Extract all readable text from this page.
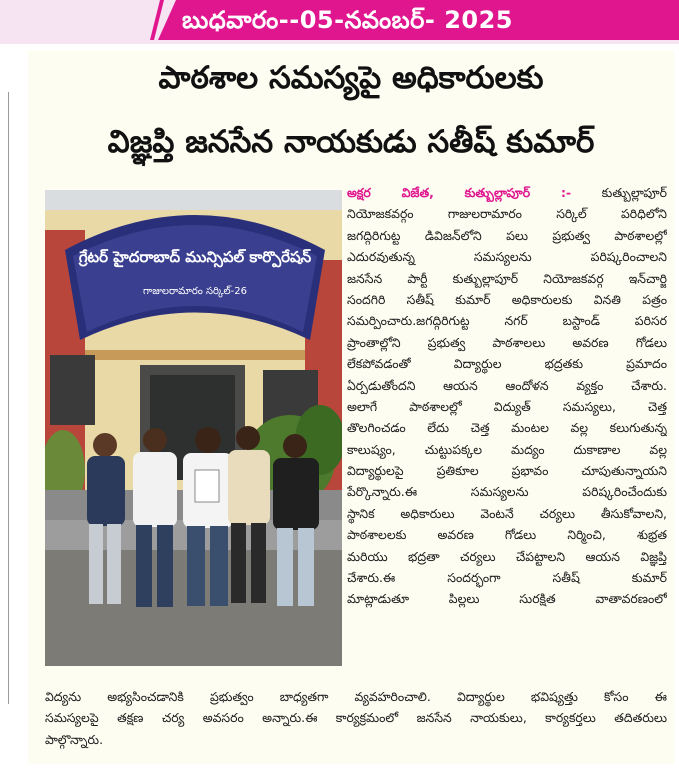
బుధవారం--05-నవంబర్- 2025
పాఠశాల సమస్యపై అధికారులకు
విజ్ఞప్తి జనసేన నాయకుడు సతీష్ కుమార్
గ్రేటర్ హైదరాబాద్ మున్సిపల్ కార్పొరేషన్
గాజులరామారం సర్కిల్-26
అక్షర విజేత, కుత్బుల్లాపూర్ :- కుత్బుల్లాపూర్
నియోజకవర్గం గాజులరామారం సర్కిల్ పరిధిలోని
జగద్గిరిగుట్ట డివిజన్‌లోని పలు ప్రభుత్వ పాఠశాలల్లో
ఎదురవుతున్న సమస్యలను పరిష్కరించాలని
జనసేన పార్టీ కుత్బుల్లాపూర్ నియోజకవర్గ ఇన్‌చార్జి
సందగిరి సతీష్ కుమార్ అధికారులకు వినతి పత్రం
సమర్పించారు.జగద్గిరిగుట్ట నగర్ బస్టాండ్ పరిసర
ప్రాంతాల్లోని ప్రభుత్వ పాఠశాలలు అవరణ గోడలు
లేకపోవడంతో విద్యార్థుల భద్రతకు ప్రమాదం
ఏర్పడుతోందని ఆయన ఆందోళన వ్యక్తం చేశారు.
అలాగే పాఠశాలల్లో విద్యుత్ సమస్యలు, చెత్త
తొలగించడం లేదు చెత్త మంటల వల్ల కలుగుతున్న
కాలుష్యం, చుట్టుపక్కల మద్యం దుకాణాల వల్ల
విద్యార్థులపై ప్రతికూల ప్రభావం చూపుతున్నాయని
పేర్కొన్నారు.ఈ సమస్యలను పరిష్కరించేందుకు
స్థానిక అధికారులు వెంటనే చర్యలు తీసుకోవాలని,
పాఠశాలలకు అవరణ గోడలు నిర్మించి, శుభ్రత
మరియు భద్రతా చర్యలు చేపట్టాలని ఆయన విజ్ఞప్తి
చేశారు.ఈ సందర్భంగా సతీష్ కుమార్
మాట్లాడుతూ పిల్లలు సురక్షిత వాతావరణంలో
విద్యను అభ్యసించడానికి ప్రభుత్వం బాధ్యతగా వ్యవహరించాలి. విద్యార్థుల భవిష్యత్తు కోసం ఈ
సమస్యలపై తక్షణ చర్య అవసరం అన్నారు.ఈ కార్యక్రమంలో జనసేన నాయకులు, కార్యకర్తలు తదితరులు
పాల్గొన్నారు.
